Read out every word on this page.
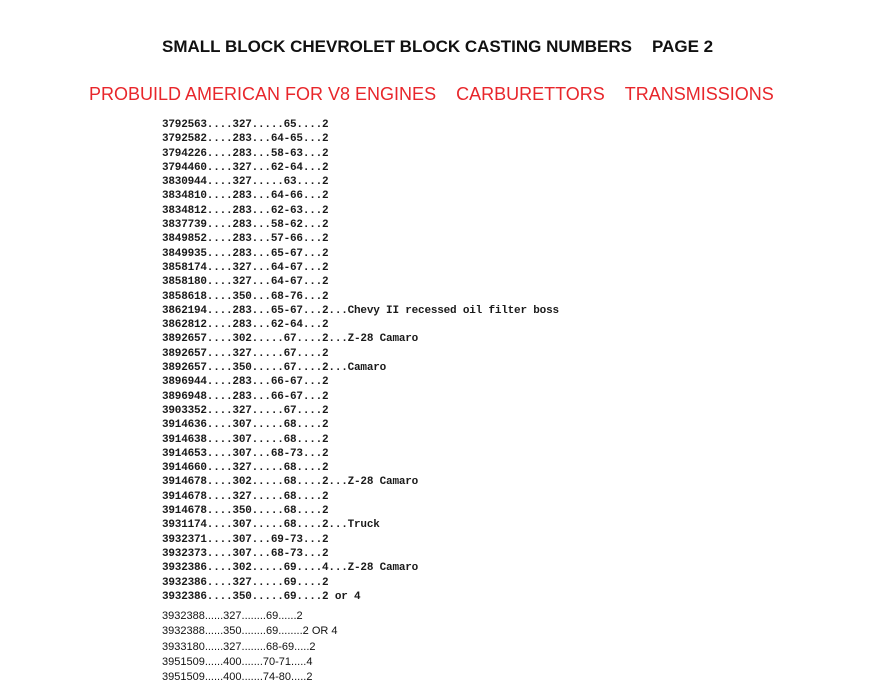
SMALL BLOCK CHEVROLET BLOCK CASTING NUMBERS PAGE 2
PROBUILD AMERICAN FOR V8 ENGINES CARBURETTORS TRANSMISSIONS
3792563....327.....65....2
3792582....283...64-65...2
3794226....283...58-63...2
3794460....327...62-64...2
3830944....327.....63....2
3834810....283...64-66...2
3834812....283...62-63...2
3837739....283...58-62...2
3849852....283...57-66...2
3849935....283...65-67...2
3858174....327...64-67...2
3858180....327...64-67...2
3858618....350...68-76...2
3862194....283...65-67...2...Chevy II recessed oil filter boss
3862812....283...62-64...2
3892657....302.....67....2...Z-28 Camaro
3892657....327.....67....2
3892657....350.....67....2...Camaro
3896944....283...66-67...2
3896948....283...66-67...2
3903352....327.....67....2
3914636....307.....68....2
3914638....307.....68....2
3914653....307...68-73...2
3914660....327.....68....2
3914678....302.....68....2...Z-28 Camaro
3914678....327.....68....2
3914678....350.....68....2
3931174....307.....68....2...Truck
3932371....307...69-73...2
3932373....307...68-73...2
3932386....302.....69....4...Z-28 Camaro
3932386....327.....69....2
3932386....350.....69....2 or 4
3932388......327........69......2
3932388......350........69........2 OR 4
3933180......327........68-69.....2
3951509......400.......70-71.....4
3951509......400.......74-80.....2
